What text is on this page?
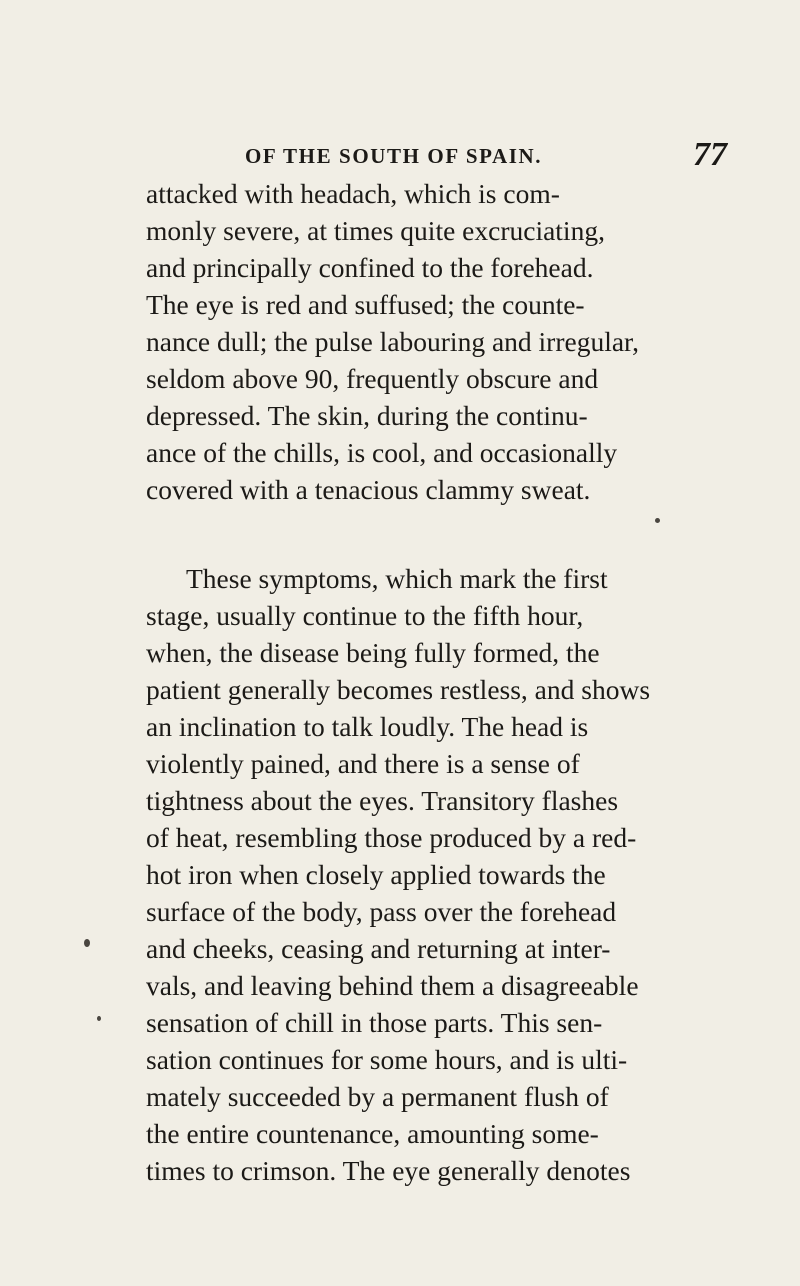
OF THE SOUTH OF SPAIN.	77
attacked with headach, which is com-
monly severe, at times quite excruciating,
and principally confined to the forehead.
The eye is red and suffused; the counte-
nance dull; the pulse labouring and irregular,
seldom above 90, frequently obscure and
depressed. The skin, during the continu-
ance of the chills, is cool, and occasionally
covered with a tenacious clammy sweat.
These symptoms, which mark the first
stage, usually continue to the fifth hour,
when, the disease being fully formed, the
patient generally becomes restless, and shows
an inclination to talk loudly. The head is
violently pained, and there is a sense of
tightness about the eyes. Transitory flashes
of heat, resembling those produced by a red-
hot iron when closely applied towards the
surface of the body, pass over the forehead
and cheeks, ceasing and returning at inter-
vals, and leaving behind them a disagreeable
sensation of chill in those parts. This sen-
sation continues for some hours, and is ulti-
mately succeeded by a permanent flush of
the entire countenance, amounting some-
times to crimson. The eye generally denotes
